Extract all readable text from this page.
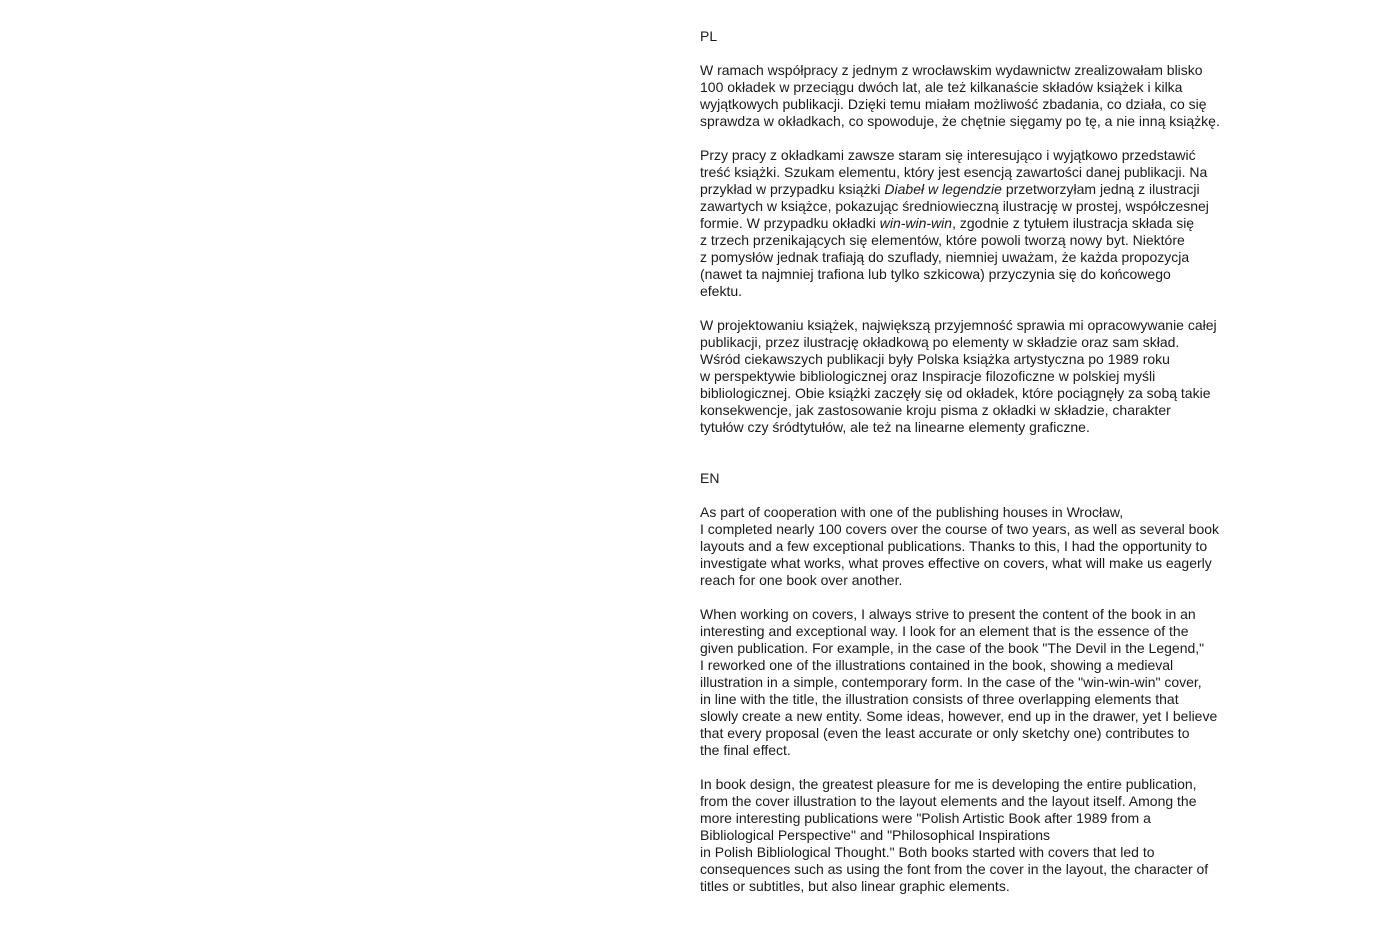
PL

W ramach współpracy z jednym z wrocławskim wydawnictw zrealizowałam blisko
100 okładek w przeciągu dwóch lat, ale też kilkanaście składów książek i kilka
wyjątkowych publikacji. Dzięki temu miałam możliwość zbadania, co działa, co się
sprawdza w okładkach, co spowoduje, że chętnie sięgamy po tę, a nie inną książkę.

Przy pracy z okładkami zawsze staram się interesująco i wyjątkowo przedstawić
treść książki. Szukam elementu, który jest esencją zawartości danej publikacji. Na
przykład w przypadku książki Diabeł w legendzie przetworzyłam jedną z ilustracji
zawartych w książce, pokazując średniowieczną ilustrację w prostej, współczesnej
formie. W przypadku okładki win-win-win, zgodnie z tytułem ilustracja składa się
z trzech przenikających się elementów, które powoli tworzą nowy byt. Niektóre
z pomysłów jednak trafiają do szuflady, niemniej uważam, że każda propozycja
(nawet ta najmniej trafiona lub tylko szkicowa) przyczynia się do końcowego
efektu.

W projektowaniu książek, największą przyjemność sprawia mi opracowywanie całej
publikacji, przez ilustrację okładkową po elementy w składzie oraz sam skład.
Wśród ciekawszych publikacji były Polska książka artystyczna po 1989 roku
w perspektywie bibliologicznej oraz Inspiracje filozoficzne w polskiej myśli
bibliologicznej. Obie książki zaczęły się od okładek, które pociągnęły za sobą takie
konsekwencje, jak zastosowanie kroju pisma z okładki w składzie, charakter
tytułów czy śródtytułów, ale też na linearne elementy graficzne.

EN

As part of cooperation with one of the publishing houses in Wrocław,
I completed nearly 100 covers over the course of two years, as well as several book
layouts and a few exceptional publications. Thanks to this, I had the opportunity to
investigate what works, what proves effective on covers, what will make us eagerly
reach for one book over another.

When working on covers, I always strive to present the content of the book in an
interesting and exceptional way. I look for an element that is the essence of the
given publication. For example, in the case of the book "The Devil in the Legend,"
I reworked one of the illustrations contained in the book, showing a medieval
illustration in a simple, contemporary form. In the case of the "win-win-win" cover,
in line with the title, the illustration consists of three overlapping elements that
slowly create a new entity. Some ideas, however, end up in the drawer, yet I believe
that every proposal (even the least accurate or only sketchy one) contributes to
the final effect.

In book design, the greatest pleasure for me is developing the entire publication,
from the cover illustration to the layout elements and the layout itself. Among the
more interesting publications were "Polish Artistic Book after 1989 from a
Bibliological Perspective" and "Philosophical Inspirations
in Polish Bibliological Thought." Both books started with covers that led to
consequences such as using the font from the cover in the layout, the character of
titles or subtitles, but also linear graphic elements.
